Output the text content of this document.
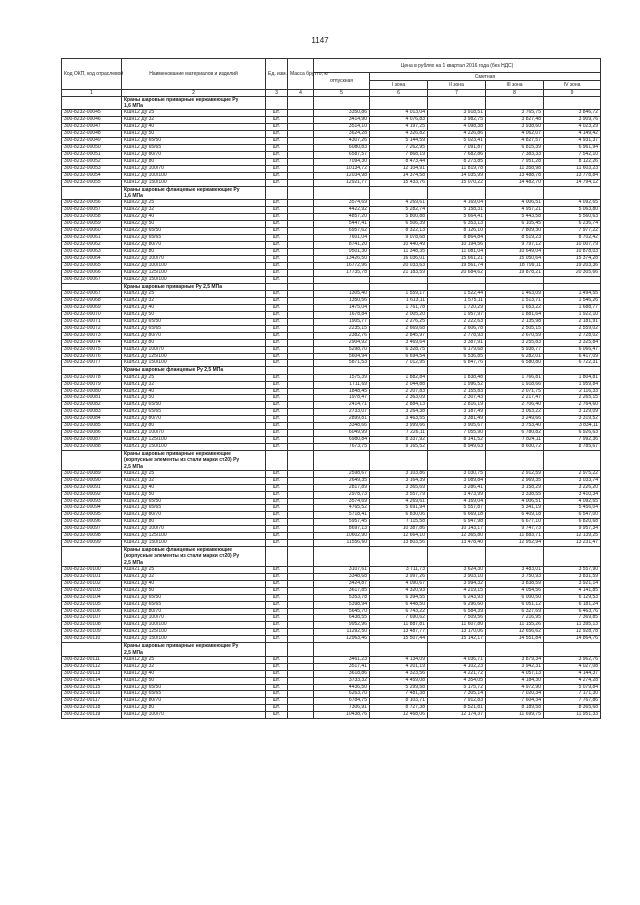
1147
Код ОКП, код отраслевой	Наименование материалов и изделий	Ед. изм.	Масса брутто, кг	Цена в рублях на 1 квартал 2016 года (без НДС)				
				отпускная	Сметная			
					I зона	II зона	III зона	IV зона
1	2	3	4	5	6	7	8	9

	Краны шаровые приварные нержавеющие Ру
1,6 МПа							

300-8232-00045	КШн12 Ду 25	шт.		3350,86	4 013,04	3 918,51	3 765,75	3 846,72
300-8232-00046	КШн12 Ду 32	шт.		3414,90	4 076,83	3 982,75	3 827,48	3 909,76
300-8232-00047	КШн12 Ду 40	шт.		3514,10	4 197,25	4 098,38	3 938,60	4 023,29
300-8232-00048	КШн12 Ду 50	шт.		3624,28	4 326,82	4 226,86	4 062,07	4 149,42
300-8232-00049	КШн12 Ду 65/50	шт.		4307,26	5 144,59	5 023,41	4 827,57	4 931,37
300-8232-00050	КШн12 Ду 65/65	шт.		6080,83	7 262,95	7 091,87	6 815,39	6 961,94
300-8232-00051	КШн12 Ду 80/70	шт.		6587,57	7 868,19	7 682,86	7 383,33	7 542,10
300-8232-00052	КШн12 Ду 80	шт.		7094,30	8 473,44	8 273,85	7 951,28	8 122,26
300-8232-00053	КШн12 Ду 100/70	шт.		10134,72	12 104,91	11 819,78	11 358,98	11 603,23
300-8232-00054	КШн12 Ду 100/100	шт.		12034,98	14 374,58	14 035,99	13 488,78	13 778,84
300-8232-00055	КШн12 Ду 150/100	шт.		12921,77	15 433,76	15 070,22	14 482,70	14 794,12

	Краны шаровые фланцевые нержавеющие Ру
1,6 МПа							

300-8232-00056	КШн22 Ду 25	шт.		3574,69	4 269,61	4 169,04	4 006,51	4 092,65
300-8232-00057	КШн22 Ду 32	шт.		4422,92	5 282,74	5 158,31	4 957,21	5 063,80
300-8232-00058	КШн22 Ду 40	шт.		4857,20	5 800,88	5 664,41	5 443,58	5 560,63
300-8232-00059	КШн22 Ду 50	шт.		5447,41	6 506,39	6 353,13	6 105,45	6 236,74
300-8232-00060	КШн22 Ду 65/50	шт.		6957,62	8 322,13	8 126,10	7 809,30	7 977,22
300-8232-00061	КШн22 Ду 65/65	шт.		7601,04	9 078,68	8 864,84	8 519,23	8 702,42
300-8232-00062	КШн22 Ду 80/70	шт.		8741,20	10 440,49	10 194,56	9 797,12	10 007,79
300-8232-00063	КШн22 Ду 80	шт.		9501,30	11 348,35	11 081,04	10 649,04	10 878,03
300-8232-00064	КШн22 Ду 100/70	шт.		13426,50	16 036,01	15 661,21	15 050,64	15 374,28
300-8232-00065	КШн22 Ду 100/100	шт.		16772,96	20 033,63	19 561,74	18 799,11	19 203,36
300-8232-00066	КШн22 Ду 125/100	шт.		17735,78	21 183,59	20 684,62	19 878,21	20 305,66
300-8232-00067	КШн22 Ду 150/100	шт.						

	Краны шаровые приварные Ру 2,5 МПа							

300-8232-00067	КШп21 Ду 25	шт.		1305,40	1 559,17	1 522,44	1 463,09	1 494,55
300-8232-00068	КШп21 Ду 32	шт.		1350,56	1 613,11	1 575,11	1 513,71	1 546,26
300-8232-00069	КШп21 Ду 40	шт.		1475,04	1 761,78	1 720,29	1 653,22	1 688,77
300-8232-00070	КШп21 Ду 50	шт.		1678,84	2 005,20	1 957,97	1 881,64	1 922,10
300-8232-00071	КШп21 Ду 65/50	шт.		1905,77	2 276,25	2 222,63	2 135,98	2 181,91
300-8232-00072	КШп21 Ду 65/65	шт.		2235,15	2 669,68	2 606,78	2 505,15	2 559,02
300-8232-00073	КШп21 Ду 80/70	шт.		2382,76	2 845,97	2 778,93	2 670,59	2 728,02
300-8232-00074	КШп21 Ду 80	шт.		2904,92	3 469,64	3 387,91	3 255,83	3 325,84
300-8232-00075	КШп21 Ду 100/70	шт.		5298,70	6 328,75	6 179,68	5 938,77	6 066,47
300-8232-00076	КШп21 Ду 125/100	шт.		5604,94	6 694,54	6 536,85	6 282,01	6 417,09
300-8232-00077	КШп21 Ду 150/100	шт.		5871,53	7 012,95	6 847,76	6 580,80	6 722,31

	Краны шаровые фланцевые Ру 2,5 МПа							

300-8232-00078	КШп21 Ду 25	шт.		1575,39	1 882,84	1 838,48	1 766,81	1 804,81
300-8232-00079	КШп21 Ду 32	шт.		1711,69	2 044,88	1 996,52	1 918,66	1 959,84
300-8232-00080	КШп21 Ду 40	шт.		1848,45	2 207,83	2 155,83	2 071,75	2 116,33
300-8232-00081	КШп21 Ду 50	шт.		1978,47	2 363,09	2 307,43	2 217,47	2 265,15
300-8232-00082	КШп21 Ду 65/50	шт.		2414,71	2 884,13	2 816,19	2 706,40	2 764,60
300-8232-00083	КШп21 Ду 65/65	шт.		2733,07	3 264,38	3 187,49	3 063,22	3 129,09
300-8232-00084	КШп21 Ду 80/70	шт.		2899,81	3 463,55	3 381,49	3 249,66	3 319,52
300-8232-00085	КШп21 Ду 80	шт.		3348,66	3 999,66	3 905,67	3 753,40	3 834,11
300-8232-00086	КШп21 Ду 100/70	шт.		6049,99	7 226,11	7 055,90	6 780,82	6 926,63
300-8232-00087	КШп21 Ду 125/100	шт.		6980,84	8 337,92	8 141,52	7 824,11	7 992,36
300-8232-00088	КШп21 Ду 150/100	шт.		7673,75	9 165,52	8 949,63	8 600,72	8 785,67

	Краны шаровые приварные нержавеющие
(корпусные элементы из стали марки ст20) Ру
2,5 МПа							

300-8232-00089	КШн21 Ду 25	шт.		2598,67	3 103,86	3 030,75	2 912,59	2 975,22
300-8232-00090	КШн21 Ду 32	шт.		2649,35	3 164,39	3 089,84	2 969,35	3 033,74
300-8232-00091	КШн21 Ду 40	шт.		2817,89	3 365,69	3 286,41	3 158,29	3 226,20
300-8232-00092	КШн21 Ду 50	шт.		2978,73	3 557,79	3 473,99	3 338,55	3 410,34
300-8232-00093	КШн21 Ду 65/50	шт.		3574,69	4 269,61	4 169,04	4 006,51	4 092,65
300-8232-00094	КШн21 Ду 65/65	шт.		4765,52	5 691,94	5 557,87	5 341,19	5 456,04
300-8232-00095	КШн21 Ду 80/70	шт.		5718,41	6 830,06	6 669,18	6 409,18	6 547,00
300-8232-00096	КШн21 Ду 80	шт.		5957,45	7 115,58	6 947,98	6 677,10	6 820,68
300-8232-00097	КШн21 Ду 100/70	шт.		8697,13	10 387,86	10 143,17	9 747,73	9 957,34
300-8232-00098	КШн21 Ду 125/100	шт.		10602,90	12 664,10	12 365,80	11 883,71	12 139,25
300-8232-00099	КШн21 Ду 150/100	шт.		11556,60	13 803,56	13 478,40	12 952,94	13 231,47

	Краны шаровые фланцевые нержавеющие
(корпусные элементы из стали марки ст20) Ру
2,5 МПа							

300-8232-00100	КШн21 Ду 25	шт.		3107,61	3 711,73	3 624,30	3 483,01	3 557,90
300-8232-00101	КШн21 Ду 32	шт.		3348,68	3 997,26	3 903,10	3 750,93	3 831,59
300-8232-00102	КШн21 Ду 40	шт.		3424,87	4 090,67	3 994,32	3 838,59	3 921,14
300-8232-00103	КШн21 Ду 50	шт.		3617,85	4 320,93	4 219,15	4 054,56	4 141,85
300-8232-00104	КШн21 Ду 65/50	шт.		5353,78	6 394,55	6 243,93	6 000,50	6 129,53
300-8232-00105	КШн21 Ду 65/65	шт.		5398,94	6 448,50	6 296,60	6 051,12	6 181,24
300-8232-00106	КШн21 Ду 80/70	шт.		5645,70	6 743,22	6 584,39	6 327,69	6 463,76
300-8232-00107	КШн21 Ду 100/70	шт.		6438,55	7 690,62	7 509,56	7 216,95	7 369,85
300-8232-00108	КШн21 Ду 100/100	шт.		9952,96	11 887,81	11 607,80	11 155,26	11 395,13
300-8232-00109	КШн21 Ду 125/100	шт.		11292,50	13 487,77	13 170,06	12 656,62	12 928,78
300-8232-00110	КШн21 Ду 150/100	шт.		12963,46	15 507,44	15 142,17	14 551,84	14 864,76

	Краны шаровые приварные нержавеющие Ру
2,5 МПа							

300-8232-00111	КШн12 Ду 25	шт.		3461,23	4 134,09	4 036,71	3 879,34	3 962,76
300-8232-00112	КШн12 Ду 32	шт.		3517,41	4 201,19	4 102,23	3 942,31	4 027,08
300-8232-00113	КШн12 Ду 40	шт.		3618,86	4 323,56	4 221,72	4 057,13	4 144,37
300-8232-00114	КШн12 Ду 50	шт.		3733,32	4 459,08	4 354,05	4 184,30	4 274,28
300-8232-00115	КШн12 Ду 65/50	шт.		4436,50	5 299,58	5 175,72	4 972,90	5 079,84
300-8232-00116	КШн12 Ду 65/65	шт.		6263,70	7 481,38	7 305,14	7 020,34	7 171,30
300-8232-00117	КШн12 Ду 80/70	шт.		6784,75	8 103,71	7 912,83	7 604,34	7 767,86
300-8232-00118	КШн12 Ду 80	шт.		7306,91	8 727,38	8 521,81	8 189,58	8 365,68
300-8232-00119	КШн12 Ду 100/70	шт.		10438,76	12 468,06	12 174,37	11 699,75	11 951,33
